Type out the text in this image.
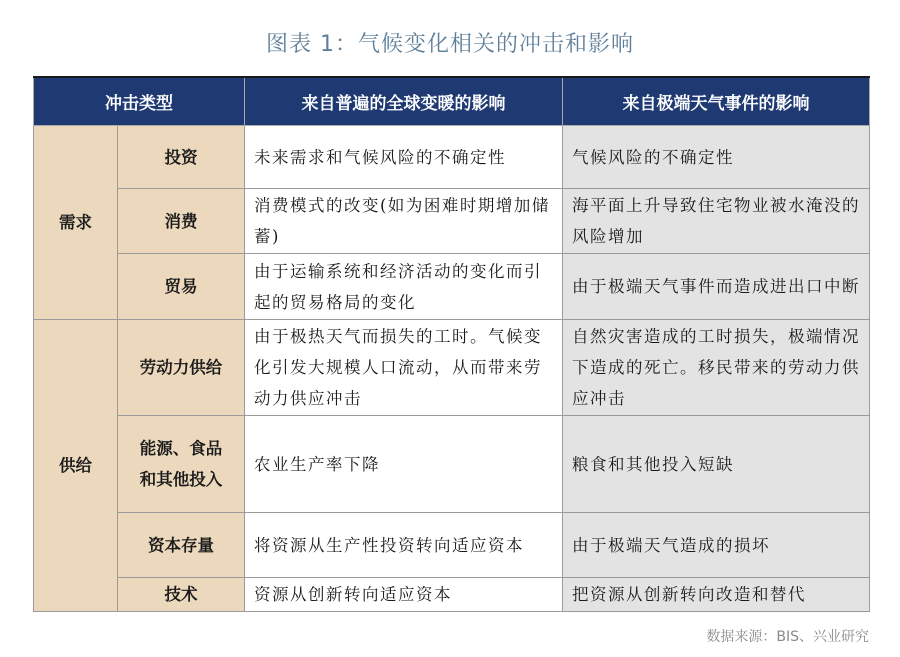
图表 1：气候变化相关的冲击和影响
冲击类型		来自普遍的全球变暖的影响	来自极端天气事件的影响
需求	投资	未来需求和气候风险的不确定性	气候风险的不确定性
	消费	消费模式的改变(如为困难时期增加储蓄)	海平面上升导致住宅物业被水淹没的风险增加
	贸易	由于运输系统和经济活动的变化而引起的贸易格局的变化	由于极端天气事件而造成进出口中断
供给	劳动力供给	由于极热天气而损失的工时。气候变化引发大规模人口流动，从而带来劳动力供应冲击	自然灾害造成的工时损失，极端情况下造成的死亡。移民带来的劳动力供应冲击
	能源、食品和其他投入	农业生产率下降	粮食和其他投入短缺
	资本存量	将资源从生产性投资转向适应资本	由于极端天气造成的损坏
	技术	资源从创新转向适应资本	把资源从创新转向改造和替代
数据来源：BIS、兴业研究
